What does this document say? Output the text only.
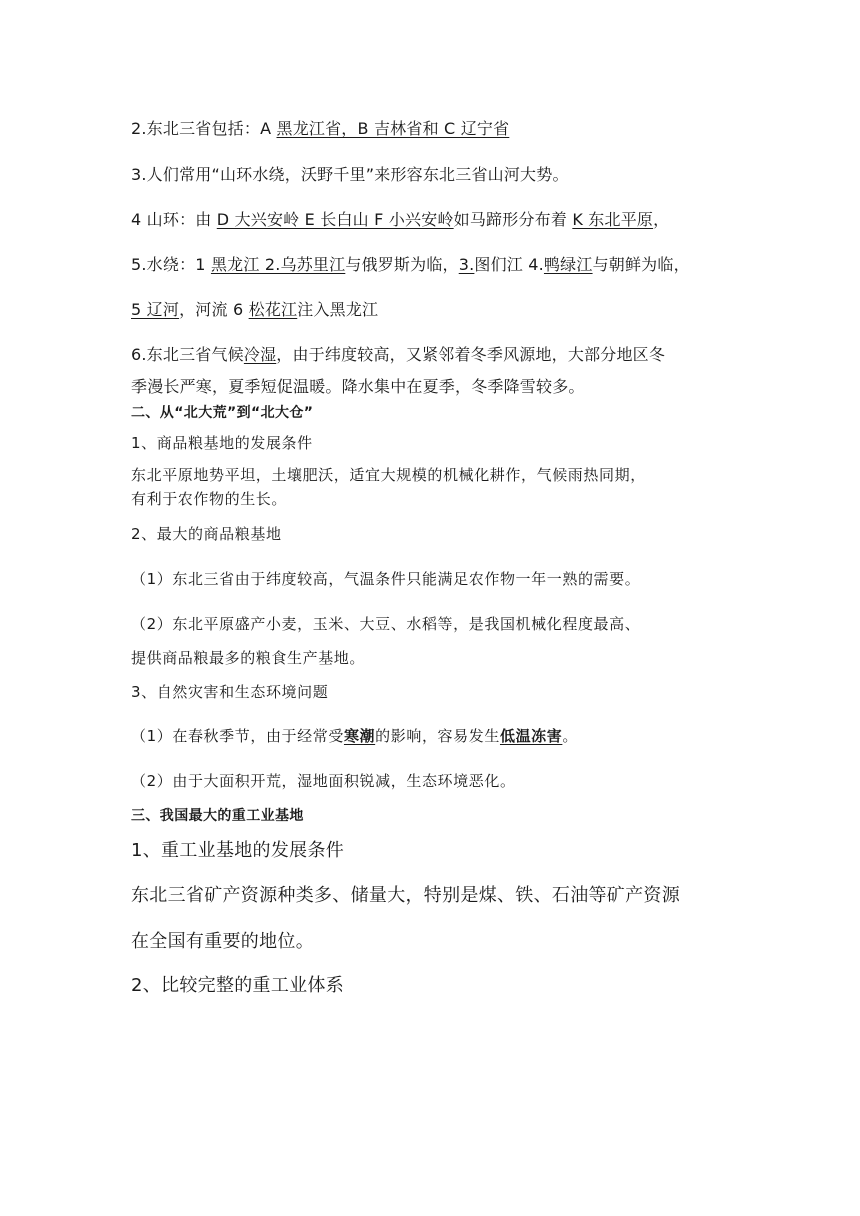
2.东北三省包括：A 黑龙江省，B 吉林省和 C 辽宁省
3.人们常用“山环水绕，沃野千里”来形容东北三省山河大势。
4 山环：由 D 大兴安岭 E 长白山 F 小兴安岭如马蹄形分布着 K 东北平原，
5.水绕：1 黑龙江 2.乌苏里江与俄罗斯为临，3.图们江 4.鸭绿江与朝鲜为临，
5 辽河，河流 6 松花江注入黑龙江
6.东北三省气候冷湿，由于纬度较高，又紧邻着冬季风源地，大部分地区冬
季漫长严寒，夏季短促温暖。降水集中在夏季，冬季降雪较多。
二、从“北大荒”到“北大仓”
1、商品粮基地的发展条件
东北平原地势平坦，土壤肥沃，适宜大规模的机械化耕作，气候雨热同期，
有利于农作物的生长。
2、最大的商品粮基地
（1）东北三省由于纬度较高，气温条件只能满足农作物一年一熟的需要。
（2）东北平原盛产小麦，玉米、大豆、水稻等，是我国机械化程度最高、
提供商品粮最多的粮食生产基地。
3、自然灾害和生态环境问题
（1）在春秋季节，由于经常受寒潮的影响，容易发生低温冻害。
（2）由于大面积开荒，湿地面积锐减，生态环境恶化。
三、我国最大的重工业基地
1、重工业基地的发展条件
东北三省矿产资源种类多、储量大，特别是煤、铁、石油等矿产资源
在全国有重要的地位。
2、比较完整的重工业体系
